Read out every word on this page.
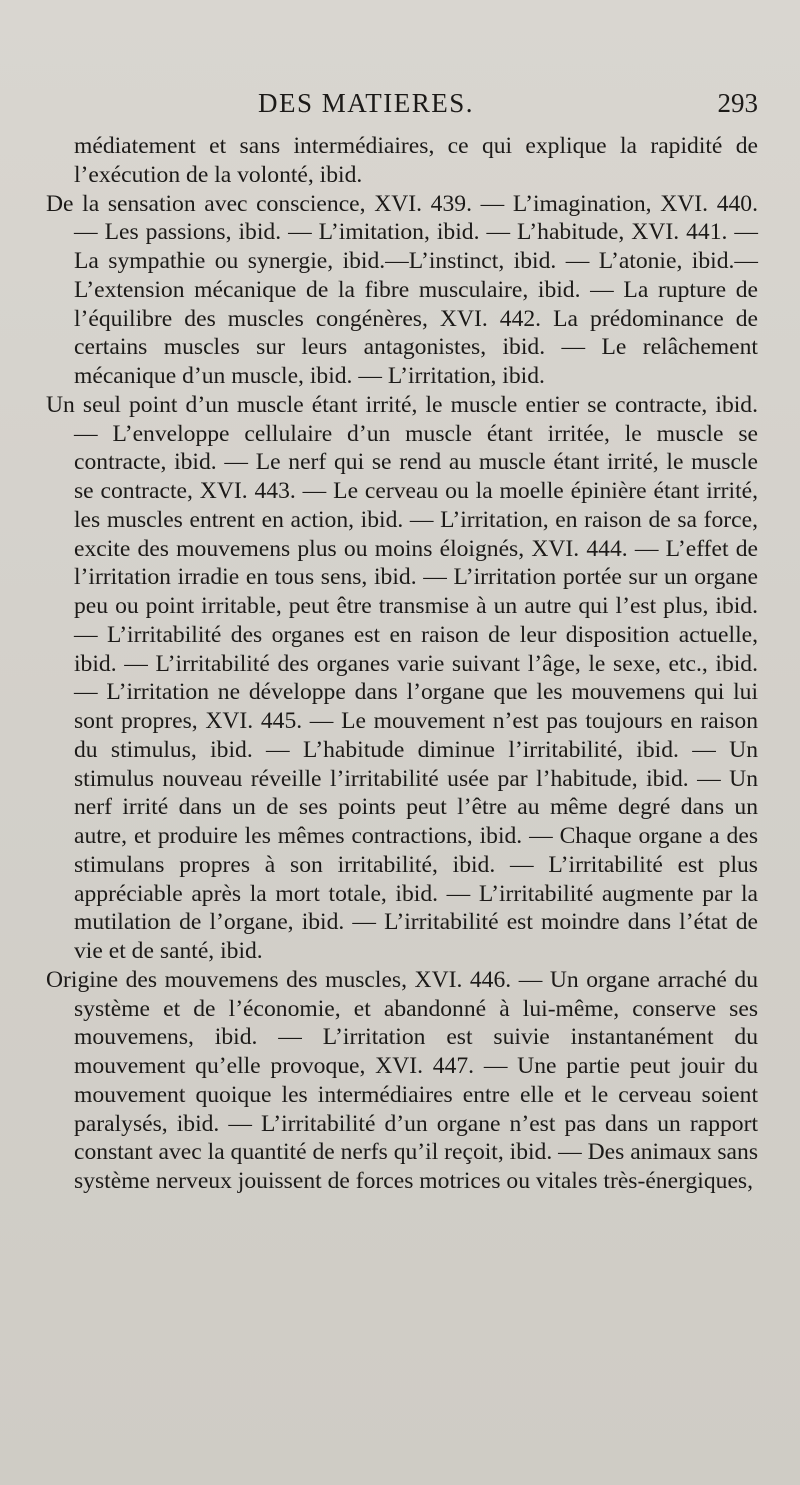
DES MATIERES.	293

médiatement et sans intermédiaires, ce qui explique la rapidité de l’exécution de la volonté, ibid.

De la sensation avec conscience, XVI. 439. — L’imagination, XVI. 440. — Les passions, ibid. — L’imitation, ibid. — L’habitude, XVI. 441. — La sympathie ou synergie, ibid.—L’instinct, ibid. — L’atonie, ibid.— L’extension mécanique de la fibre musculaire, ibid. — La rupture de l’équilibre des muscles congénères, XVI. 442. La prédominance de certains muscles sur leurs antagonistes, ibid. — Le relâchement mécanique d’un muscle, ibid. — L’irritation, ibid.

Un seul point d’un muscle étant irrité, le muscle entier se contracte, ibid. — L’enveloppe cellulaire d’un muscle étant irritée, le muscle se contracte, ibid. — Le nerf qui se rend au muscle étant irrité, le muscle se contracte, XVI. 443. — Le cerveau ou la moelle épinière étant irrité, les muscles entrent en action, ibid. — L’irritation, en raison de sa force, excite des mouvemens plus ou moins éloignés, XVI. 444. — L’effet de l’irritation irradie en tous sens, ibid. — L’irritation portée sur un organe peu ou point irritable, peut être transmise à un autre qui l’est plus, ibid. — L’irritabilité des organes est en raison de leur disposition actuelle, ibid. — L’irritabilité des organes varie suivant l’âge, le sexe, etc., ibid. — L’irritation ne développe dans l’organe que les mouvemens qui lui sont propres, XVI. 445. — Le mouvement n’est pas toujours en raison du stimulus, ibid. — L’habitude diminue l’irritabilité, ibid. — Un stimulus nouveau réveille l’irritabilité usée par l’habitude, ibid. — Un nerf irrité dans un de ses points peut l’être au même degré dans un autre, et produire les mêmes contractions, ibid. — Chaque organe a des stimulans propres à son irritabilité, ibid. — L’irritabilité est plus appréciable après la mort totale, ibid. — L’irritabilité augmente par la mutilation de l’organe, ibid. — L’irritabilité est moindre dans l’état de vie et de santé, ibid.

Origine des mouvemens des muscles, XVI. 446. — Un organe arraché du système et de l’économie, et abandonné à lui-même, conserve ses mouvemens, ibid. — L’irritation est suivie instantanément du mouvement qu’elle provoque, XVI. 447. — Une partie peut jouir du mouvement quoique les intermédiaires entre elle et le cerveau soient paralysés, ibid. — L’irritabilité d’un organe n’est pas dans un rapport constant avec la quantité de nerfs qu’il reçoit, ibid. — Des animaux sans système nerveux jouissent de forces motrices ou vitales très-énergiques,
